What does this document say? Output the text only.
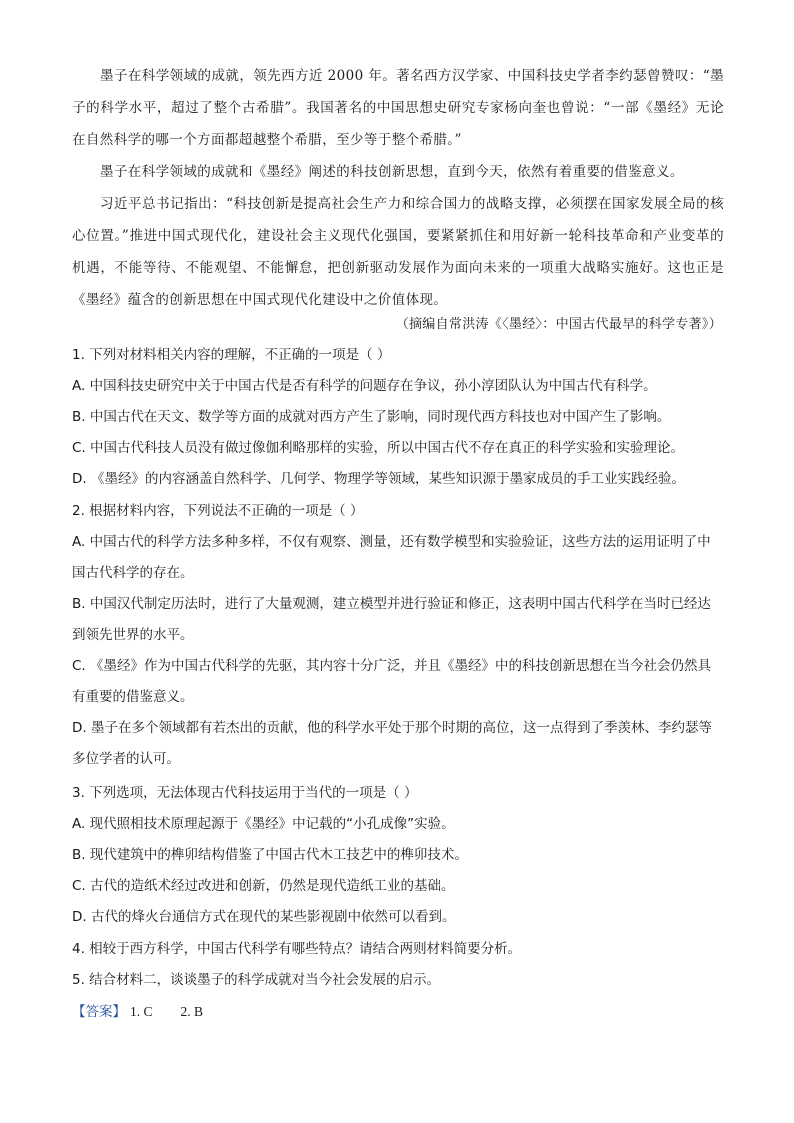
墨子在科学领域的成就，领先西方近 2000 年。著名西方汉学家、中国科技史学者李约瑟曾赞叹：“墨子的科学水平，超过了整个古希腊”。我国著名的中国思想史研究专家杨向奎也曾说：“一部《墨经》无论在自然科学的哪一个方面都超越整个希腊，至少等于整个希腊。”
墨子在科学领域的成就和《墨经》阐述的科技创新思想，直到今天，依然有着重要的借鉴意义。
习近平总书记指出：“科技创新是提高社会生产力和综合国力的战略支撑，必须摆在国家发展全局的核心位置。”推进中国式现代化，建设社会主义现代化强国，要紧紧抓住和用好新一轮科技革命和产业变革的机遇，不能等待、不能观望、不能懈怠，把创新驱动发展作为面向未来的一项重大战略实施好。这也正是《墨经》蕴含的创新思想在中国式现代化建设中之价值体现。
（摘编自常洪涛《〈墨经〉：中国古代最早的科学专著》）
1. 下列对材料相关内容的理解，不正确的一项是（ ）
A. 中国科技史研究中关于中国古代是否有科学的问题存在争议，孙小淳团队认为中国古代有科学。
B. 中国古代在天文、数学等方面的成就对西方产生了影响，同时现代西方科技也对中国产生了影响。
C. 中国古代科技人员没有做过像伽利略那样的实验，所以中国古代不存在真正的科学实验和实验理论。
D. 《墨经》的内容涵盖自然科学、几何学、物理学等领域，某些知识源于墨家成员的手工业实践经验。
2. 根据材料内容，下列说法不正确的一项是（ ）
A. 中国古代的科学方法多种多样，不仅有观察、测量，还有数学模型和实验验证，这些方法的运用证明了中国古代科学的存在。
B. 中国汉代制定历法时，进行了大量观测，建立模型并进行验证和修正，这表明中国古代科学在当时已经达到领先世界的水平。
C. 《墨经》作为中国古代科学的先驱，其内容十分广泛，并且《墨经》中的科技创新思想在当今社会仍然具有重要的借鉴意义。
D. 墨子在多个领域都有若杰出的贡献，他的科学水平处于那个时期的高位，这一点得到了季羡林、李约瑟等多位学者的认可。
3. 下列选项，无法体现古代科技运用于当代的一项是（ ）
A. 现代照相技术原理起源于《墨经》中记载的“小孔成像”实验。
B. 现代建筑中的榫卯结构借鉴了中国古代木工技艺中的榫卯技术。
C. 古代的造纸术经过改进和创新，仍然是现代造纸工业的基础。
D. 古代的烽火台通信方式在现代的某些影视剧中依然可以看到。
4. 相较于西方科学，中国古代科学有哪些特点？请结合两则材料简要分析。
5. 结合材料二，谈谈墨子的科学成就对当今社会发展的启示。
【答案】 1. C 2. B
